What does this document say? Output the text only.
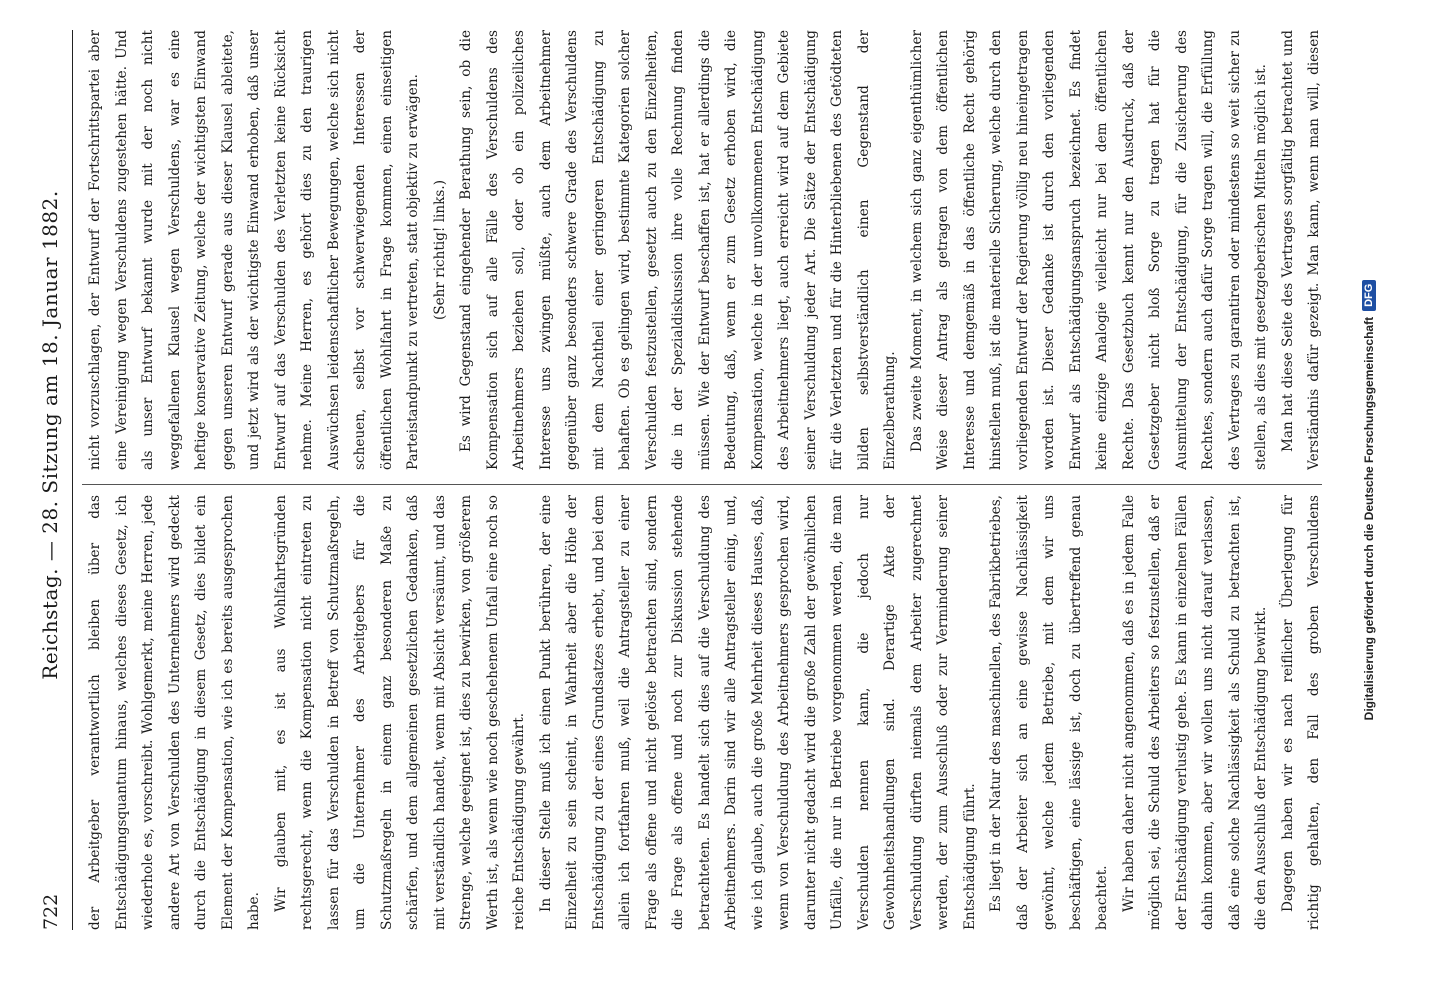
722
Reichstag. — 28. Sitzung am 18. Januar 1882.

der Arbeitgeber verantwortlich bleiben über das Entschädigungsquantum hinaus, welches dieses Gesetz, ich wiederhole es, vorschreibt. Wohlgemerkt, meine Herren, jede andere Art von Verschulden des Unternehmers wird gedeckt durch die Entschädigung in diesem Gesetz, dies bildet ein Element der Kompensation, wie ich es bereits ausgesprochen habe. Wir glauben mit, es ist aus Wohlfahrtsgründen rechtsgerecht, wenn die Kompensation nicht eintreten zu lassen für das Verschulden in Betreff von Schutzmaßregeln, um die Unternehmer des Arbeitgebers für die Schutzmaßregeln in einem ganz besonderen Maße zu schärfen, und dem allgemeinen gesetzlichen Gedanken, daß mit verständlich handelt, wenn mit Absicht versäumt, und das Strenge, welche geeignet ist, dies zu bewirken, von größerem Werth ist, als wenn wie noch geschehenem Unfall eine noch so reiche Entschädigung gewährt. In dieser Stelle muß ich einen Punkt berühren, der eine Einzelheit zu sein scheint, in Wahrheit aber die Höhe der Entschädigung zu der eines Grundsatzes erhebt, und bei dem allein ich fortfahren muß, weil die Antragsteller zu einer Frage als offene und nicht gelöste betrachten sind, sondern die Frage als offene und noch zur Diskussion stehende betrachteten. Es handelt sich dies auf die Verschuldung des Arbeitnehmers. Darin sind wir alle Antragsteller einig, und, wie ich glaube, auch die große Mehrheit dieses Hauses, daß, wenn von Verschuldung des Arbeitnehmers gesprochen wird, darunter nicht gedacht wird die große Zahl der gewöhnlichen Unfälle, die nur in Betriebe vorgenommen werden, die man Verschulden nennen kann, die jedoch nur Gewohnheitshandlungen sind. Derartige Akte der Verschuldung dürften niemals dem Arbeiter zugerechnet werden, der zum Ausschluß oder zur Verminderung seiner Entschädigung führt. Es liegt in der Natur des maschinellen, des Fabrikbetriebes, daß der Arbeiter sich an eine gewisse Nachlässigkeit gewöhnt, welche jedem Betriebe, mit dem wir uns beschäftigen, eine lässige ist, doch zu übertreffend genau beachtet. Wir haben daher nicht angenommen, daß es in jedem Falle möglich sei, die Schuld des Arbeiters so festzustellen, daß er der Entschädigung verlustig gehe. Es kann in einzelnen Fällen dahin kommen, aber wir wollen uns nicht darauf verlassen, daß eine solche Nachlässigkeit als Schuld zu betrachten ist, die den Ausschluß der Entschädigung bewirkt. Dagegen haben wir es nach reiflicher Überlegung für richtig gehalten, den Fall des groben Verschuldens

nicht vorzuschlagen, der Entwurf der Fortschrittspartei aber eine Vereinigung wegen Verschuldens zugestehen hätte. Und als unser Entwurf bekannt wurde mit der noch nicht weggefallenen Klausel wegen Verschuldens, war es eine heftige konservative Zeitung, welche der wichtigsten Einwand gegen unseren Entwurf gerade aus dieser Klausel ableitete, und jetzt wird als der wichtigste Einwand erhoben, daß unser Entwurf auf das Verschulden des Verletzten keine Rücksicht nehme. Meine Herren, es gehört dies zu den traurigen Auswüchsen leidenschaftlicher Bewegungen, welche sich nicht scheuen, selbst vor schwerwiegenden Interessen der öffentlichen Wohlfahrt in Frage kommen, einen einseitigen Parteistandpunkt zu vertreten, statt objektiv zu erwägen. (Sehr richtig! links.) Es wird Gegenstand eingehender Berathung sein, ob die Kompensation sich auf alle Fälle des Verschuldens des Arbeitnehmers beziehen soll, oder ob ein polizeiliches Interesse uns zwingen müßte, auch dem Arbeitnehmer gegenüber ganz besonders schwere Grade des Verschuldens mit dem Nachtheil einer geringeren Entschädigung zu behaften. Ob es gelingen wird, bestimmte Kategorien solcher Verschulden festzustellen, gesetzt auch zu den Einzelheiten, die in der Spezialdiskussion ihre volle Rechnung finden müssen. Wie der Entwurf beschaffen ist, hat er allerdings die Bedeutung, daß, wenn er zum Gesetz erhoben wird, die Kompensation, welche in der unvollkommenen Entschädigung des Arbeitnehmers liegt, auch erreicht wird auf dem Gebiete seiner Verschuldung jeder Art. Die Sätze der Entschädigung für die Verletzten und für die Hinterbliebenen des Getödteten bilden selbstverständlich einen Gegenstand der Einzelberathung. Das zweite Moment, in welchem sich ganz eigenthümlicher Weise dieser Antrag als getragen von dem öffentlichen Interesse und demgemäß in das öffentliche Recht gehörig hinstellen muß, ist die materielle Sicherung, welche durch den vorliegenden Entwurf der Regierung völlig neu hineingetragen worden ist. Dieser Gedanke ist durch den vorliegenden Entwurf als Entschädigungsanspruch bezeichnet. Es findet keine einzige Analogie vielleicht nur bei dem öffentlichen Rechte. Das Gesetzbuch kennt nur den Ausdruck, daß der Gesetzgeber nicht bloß Sorge zu tragen hat für die Ausmittelung der Entschädigung, für die Zusicherung des Rechtes, sondern auch dafür Sorge tragen will, die Erfüllung des Vertrages zu garantiren oder mindestens so weit sicher zu stellen, als dies mit gesetzgeberischen Mitteln möglich ist. Man hat diese Seite des Vertrages sorgfältig betrachtet und Verständnis dafür gezeigt. Man kann, wenn man will, diesen

Digitalisierung gefördert durch die Deutsche Forschungsgemeinschaft
DFG
